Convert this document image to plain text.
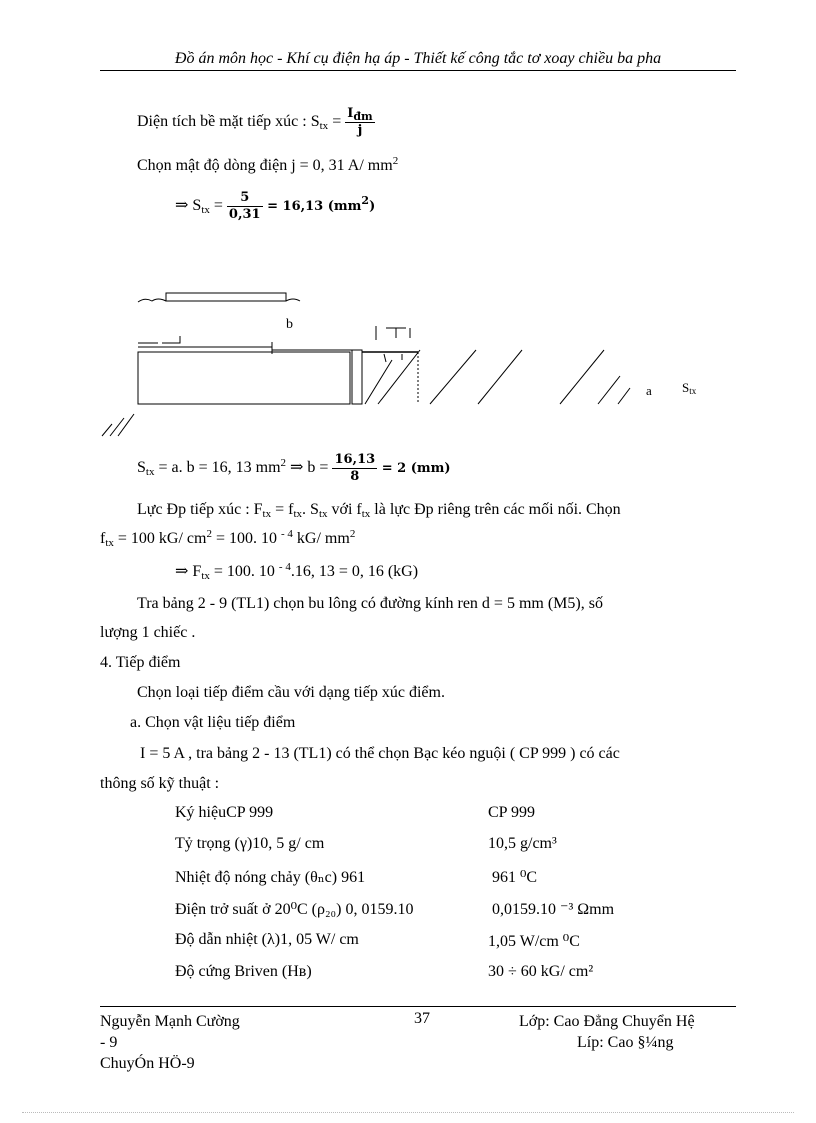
Đồ án môn học - Khí cụ điện hạ áp - Thiết kế công tắc tơ xoay chiều ba pha
Diện tích bề mặt tiếp xúc : $S_{tx} = \frac{I_{đm}}{j}$
Chọn mật độ dòng điện j = 0, 31 A/ $mm^2$
⇒ $S_{tx} = \frac{5}{0,31} = 16,13$ $(mm^2)$
b
a Stx
$S_{tx} = a$. b = 16, 13 $mm^2$ ⇒ $b = \frac{16,13}{8} = 2$ (mm)
Lực Đp tiếp xúc : $F_{tx} = f_{tx}$. $S_{tx}$ với $f_{tx}$ là lực Đp riêng trên các mối nối. Chọn
$f_{tx} = 100$ kG/ $cm^2 = 100$. 10 $^{- 4}$ kG/ $mm^2$
⇒ $F_{tx} = 100$. 10 $^{- 4}$.16, 13 = 0, 16 (kG)
Tra bảng 2 - 9 (TL1) chọn bu lông có đường kính ren d = 5 mm (M5), số
lượng 1 chiếc .
4. Tiếp điểm
Chọn loại tiếp điểm cầu với dạng tiếp xúc điểm.
a. Chọn vật liệu tiếp điểm
I = 5 A , tra bảng 2 - 13 (TL1) có thể chọn Bạc kéo nguội ( CP 999 ) có các
thông số kỹ thuật :
Ký hiệuCP 999	CP 999
Tỷ trọng (γ)10, 5 g/ cm	10,5 g/cm³
Nhiệt độ nóng chảy (θₙc) 961	961 ⁰C
Điện trở suất ở 20⁰C (ρ₂₀) 0, 0159.10	0,0159.10 ⁻³ Ωmm
Độ dẫn nhiệt (λ)1, 05 W/ cm	1,05 W/cm ⁰C
Độ cứng Briven (Hʙ)	30 ÷ 60 kG/ cm²
Nguyễn Mạnh Cường
- 9
ChuyÓn HÖ-9
37	Lớp: Cao Đẳng Chuyển Hệ
Líp: Cao §¼ng
